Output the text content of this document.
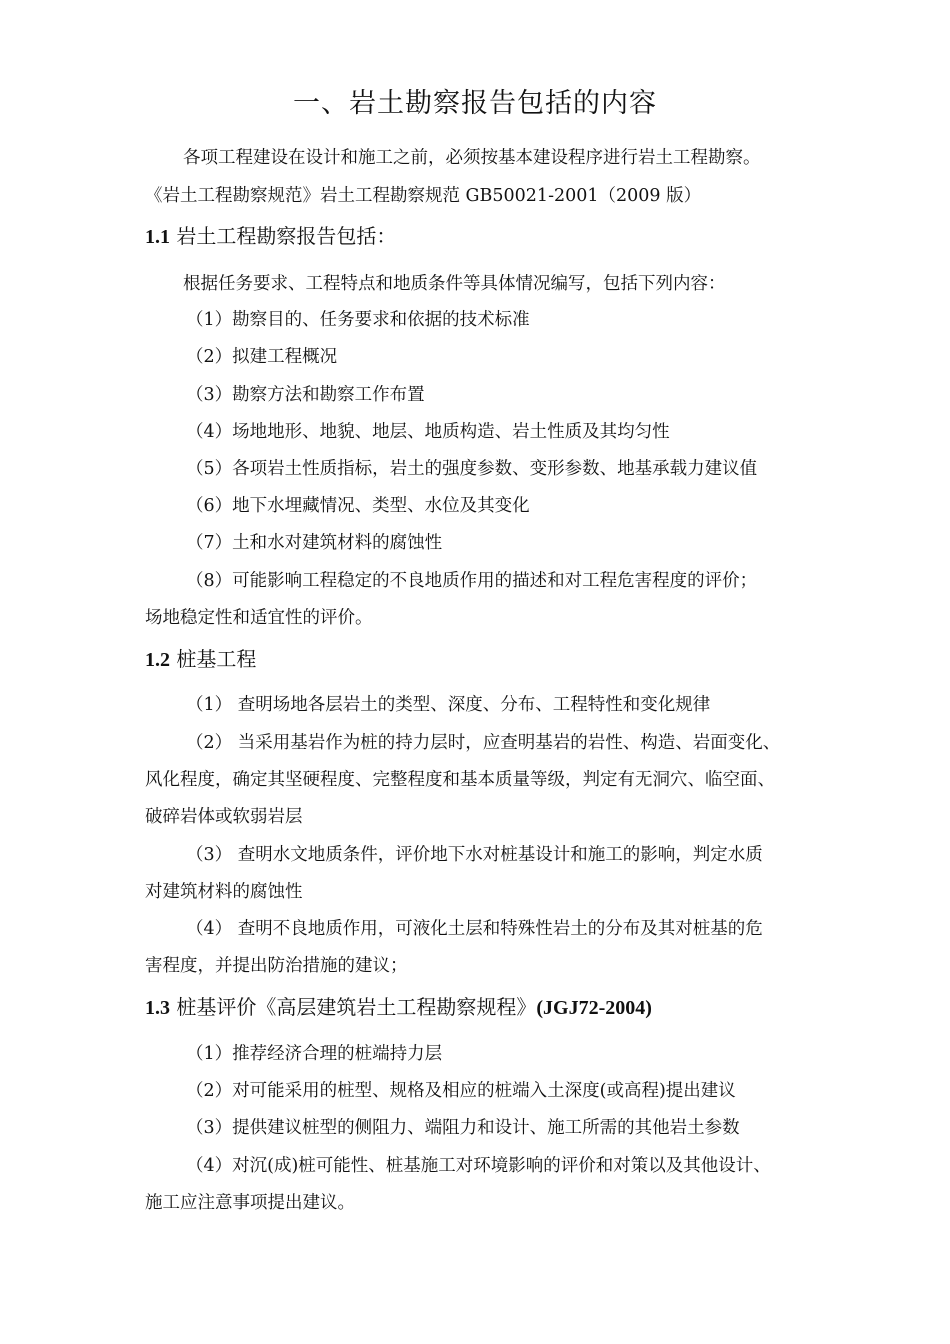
一、岩土勘察报告包括的内容
各项工程建设在设计和施工之前，必须按基本建设程序进行岩土工程勘察。
《岩土工程勘察规范》岩土工程勘察规范 GB50021-2001（2009 版）
1.1 岩土工程勘察报告包括：
根据任务要求、工程特点和地质条件等具体情况编写，包括下列内容：
（1）勘察目的、任务要求和依据的技术标准
（2）拟建工程概况
（3）勘察方法和勘察工作布置
（4）场地地形、地貌、地层、地质构造、岩土性质及其均匀性
（5）各项岩土性质指标，岩土的强度参数、变形参数、地基承载力建议值
（6）地下水埋藏情况、类型、水位及其变化
（7）土和水对建筑材料的腐蚀性
（8）可能影响工程稳定的不良地质作用的描述和对工程危害程度的评价；
场地稳定性和适宜性的评价。
1.2 桩基工程
（1） 查明场地各层岩土的类型、深度、分布、工程特性和变化规律
（2） 当采用基岩作为桩的持力层时，应查明基岩的岩性、构造、岩面变化、
风化程度，确定其坚硬程度、完整程度和基本质量等级，判定有无洞穴、临空面、
破碎岩体或软弱岩层
（3） 查明水文地质条件，评价地下水对桩基设计和施工的影响，判定水质
对建筑材料的腐蚀性
（4） 查明不良地质作用，可液化土层和特殊性岩土的分布及其对桩基的危
害程度，并提出防治措施的建议；
1.3 桩基评价《高层建筑岩土工程勘察规程》(JGJ72-2004)
（1）推荐经济合理的桩端持力层
（2）对可能采用的桩型、规格及相应的桩端入土深度(或高程)提出建议
（3）提供建议桩型的侧阻力、端阻力和设计、施工所需的其他岩土参数
（4）对沉(成)桩可能性、桩基施工对环境影响的评价和对策以及其他设计、
施工应注意事项提出建议。
